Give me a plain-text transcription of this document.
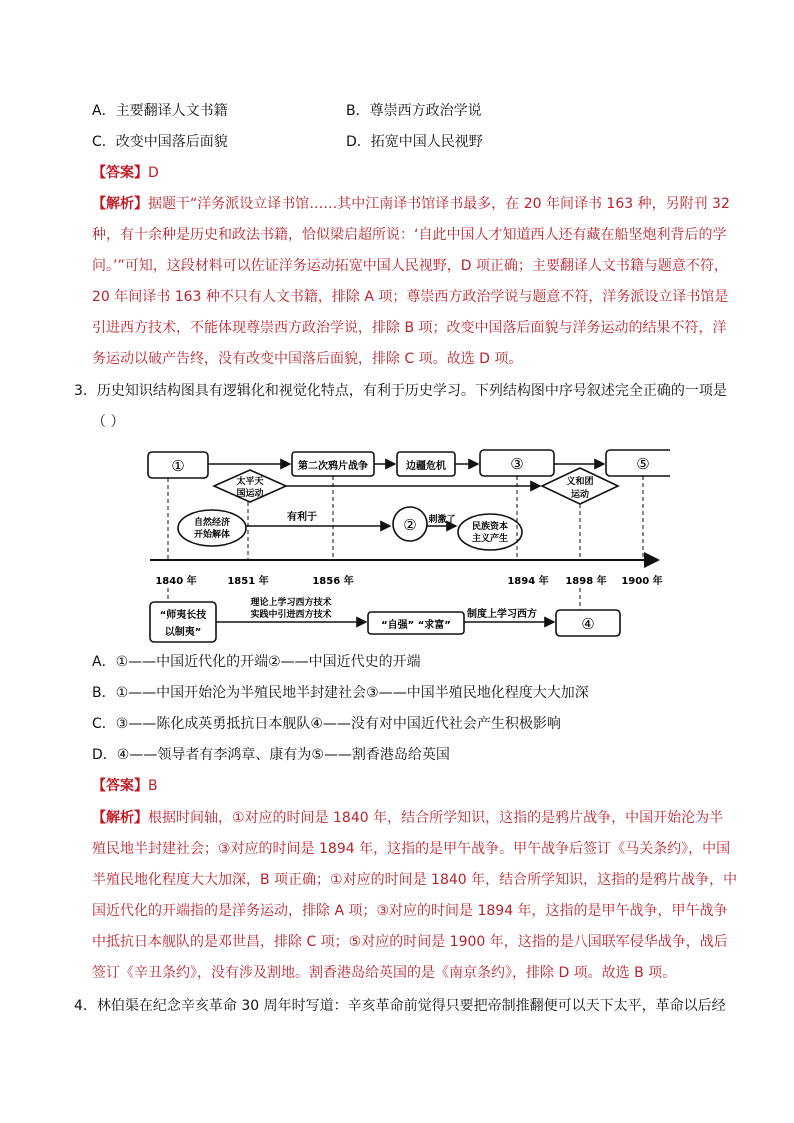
A．主要翻译人文书籍	B．尊崇西方政治学说
C．改变中国落后面貌	D．拓宽中国人民视野
【答案】D
【解析】据题干“洋务派设立译书馆……其中江南译书馆译书最多，在 20 年间译书 163 种，另附刊 32
种，有十余种是历史和政法书籍，恰似梁启超所说：‘自此中国人才知道西人还有藏在船坚炮利背后的学
问。’”可知，这段材料可以佐证洋务运动拓宽中国人民视野，D 项正确；主要翻译人文书籍与题意不符，
20 年间译书 163 种不只有人文书籍，排除 A 项；尊崇西方政治学说与题意不符，洋务派设立译书馆是
引进西方技术，不能体现尊崇西方政治学说，排除 B 项；改变中国落后面貌与洋务运动的结果不符，洋
务运动以破产告终，没有改变中国落后面貌，排除 C 项。故选 D 项。
3．历史知识结构图具有逻辑化和视觉化特点，有利于历史学习。下列结构图中序号叙述完全正确的一项是
（ ）
①	第二次鸦片战争	边疆危机	③	⑤
太平天
国运动
义和团
运动
自然经济
开始解体
有利于	② 刺激了
民族资本
主义产生
1840 年	1851 年	1856 年	1894 年 1898 年 1900 年
“师夷长技
以制夷”
理论上学习西方技术
实践中引进西方技术
“自强” “求富”
制度上学习西方
④
A．①——中国近代化的开端②——中国近代史的开端
B．①——中国开始沦为半殖民地半封建社会③——中国半殖民地化程度大大加深
C．③——陈化成英勇抵抗日本舰队④——没有对中国近代社会产生积极影响
D．④——领导者有李鸿章、康有为⑤——割香港岛给英国
【答案】B
【解析】根据时间轴，①对应的时间是 1840 年，结合所学知识，这指的是鸦片战争，中国开始沦为半
殖民地半封建社会；③对应的时间是 1894 年，这指的是甲午战争。甲午战争后签订《马关条约》，中国
半殖民地化程度大大加深，B 项正确；①对应的时间是 1840 年，结合所学知识，这指的是鸦片战争，中
国近代化的开端指的是洋务运动，排除 A 项；③对应的时间是 1894 年，这指的是甲午战争，甲午战争
中抵抗日本舰队的是邓世昌，排除 C 项；⑤对应的时间是 1900 年，这指的是八国联军侵华战争，战后
签订《辛丑条约》，没有涉及割地。割香港岛给英国的是《南京条约》，排除 D 项。故选 B 项。
4．林伯渠在纪念辛亥革命 30 周年时写道：辛亥革命前觉得只要把帝制推翻便可以天下太平，革命以后经
